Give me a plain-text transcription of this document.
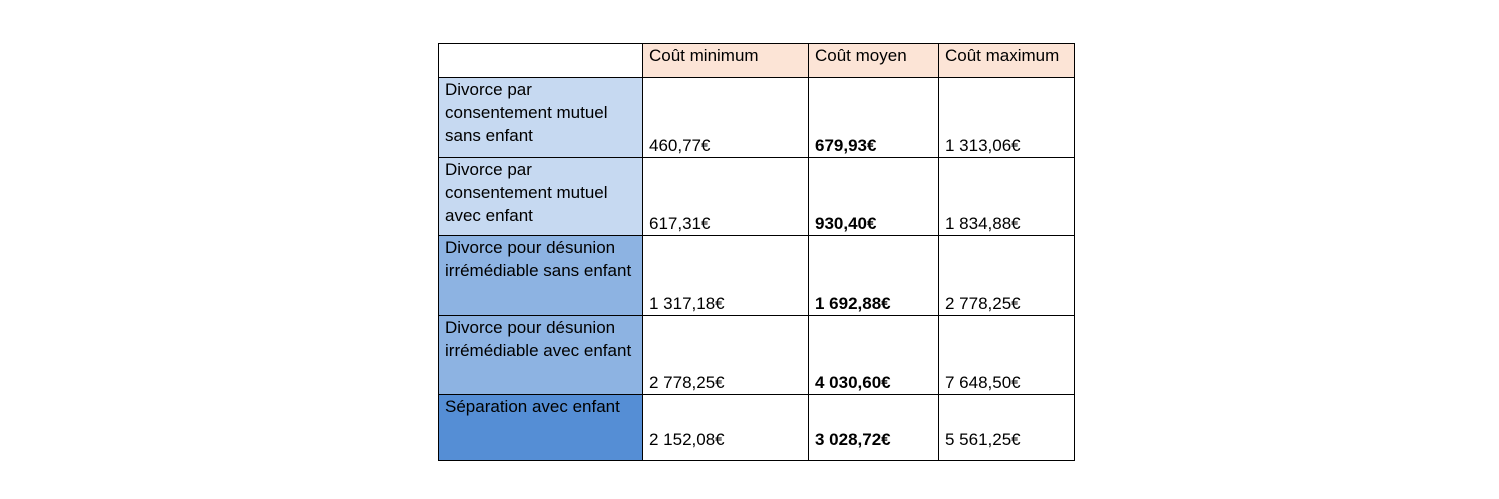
	Coût minimum	Coût moyen	Coût maximum
Divorce par consentement mutuel sans enfant	460,77€	679,93€	1 313,06€
Divorce par consentement mutuel avec enfant	617,31€	930,40€	1 834,88€
Divorce pour désunion irrémédiable sans enfant	1 317,18€	1 692,88€	2 778,25€
Divorce pour désunion irrémédiable avec enfant	2 778,25€	4 030,60€	7 648,50€
Séparation avec enfant	2 152,08€	3 028,72€	5 561,25€
